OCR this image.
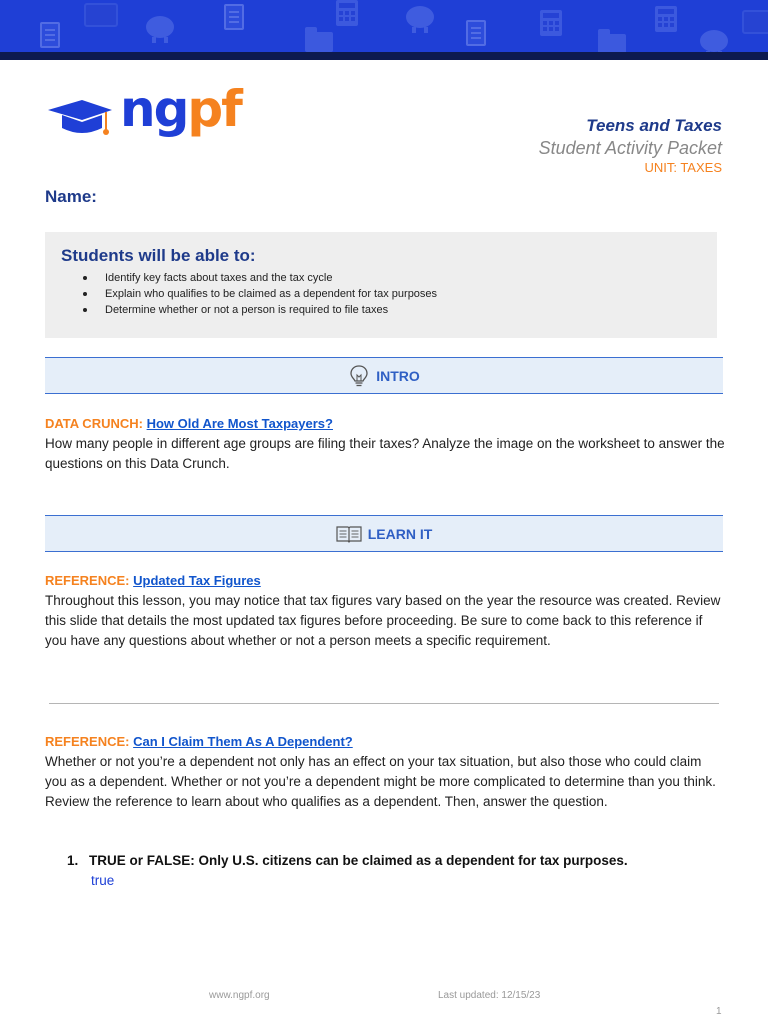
ngpf	Teens and Taxes
Student Activity Packet
UNIT: TAXES
Name:
Students will be able to:
Identify key facts about taxes and the tax cycle
Explain who qualifies to be claimed as a dependent for tax purposes
Determine whether or not a person is required to file taxes
INTRO
DATA CRUNCH: How Old Are Most Taxpayers?
How many people in different age groups are filing their taxes? Analyze the image on the worksheet to answer the questions on this Data Crunch.
LEARN IT
REFERENCE: Updated Tax Figures
Throughout this lesson, you may notice that tax figures vary based on the year the resource was created. Review this slide that details the most updated tax figures before proceeding. Be sure to come back to this reference if you have any questions about whether or not a person meets a specific requirement.
REFERENCE: Can I Claim Them As A Dependent?
Whether or not you’re a dependent not only has an effect on your tax situation, but also those who could claim you as a dependent. Whether or not you’re a dependent might be more complicated to determine than you think. Review the reference to learn about who qualifies as a dependent. Then, answer the question.
1. TRUE or FALSE: Only U.S. citizens can be claimed as a dependent for tax purposes.
true
www.ngpf.org	Last updated: 12/15/23
1
